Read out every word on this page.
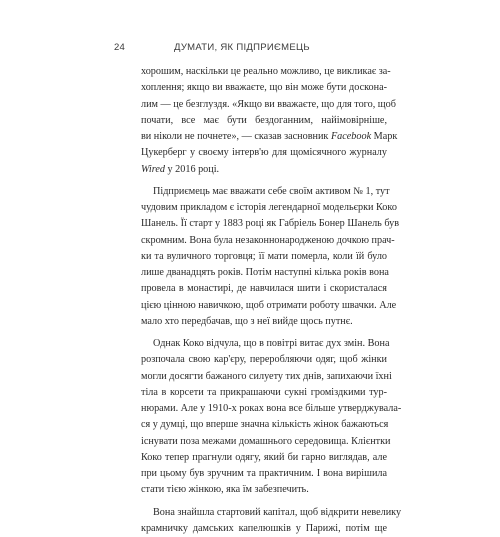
24	ДУМАТИ, ЯК ПІДПРИЄМЕЦЬ
хорошим, наскільки це реально можливо, це викликає за-
хоплення; якщо ви вважаєте, що він може бути доскона-
лим — це безглуздя. «Якщо ви вважаєте, що для того, щоб
почати, все має бути бездоганним, найімовірніше,
ви ніколи не почнете», — сказав засновник Facebook Марк
Цукерберг у своєму інтерв'ю для щомісячного журналу
Wired у 2016 році.
Підприємець має вважати себе своїм активом № 1, тут
чудовим прикладом є історія легендарної модельєрки Коко
Шанель. Її старт у 1883 році як Габріель Бонер Шанель був
скромним. Вона була незаконнонародженою дочкою прач-
ки та вуличного торговця; її мати померла, коли їй було
лише дванадцять років. Потім наступні кілька років вона
провела в монастирі, де навчилася шити і скористалася
цією цінною навичкою, щоб отримати роботу швачки. Але
мало хто передбачав, що з неї вийде щось путнє.
Однак Коко відчула, що в повітрі витає дух змін. Вона
розпочала свою кар'єру, переробляючи одяг, щоб жінки
могли досягти бажаного силуету тих днів, запихаючи їхні
тіла в корсети та прикрашаючи сукні громіздкими тур-
нюрами. Але у 1910-х роках вона все більше утверджувала-
ся у думці, що вперше значна кількість жінок бажаються
існувати поза межами домашнього середовища. Клієнтки
Коко тепер прагнули одягу, який би гарно виглядав, але
при цьому був зручним та практичним. І вона вирішила
стати тією жінкою, яка їм забезпечить.
Вона знайшла стартовий капітал, щоб відкрити невелику
крамничку дамських капелюшків у Парижі, потім ще
